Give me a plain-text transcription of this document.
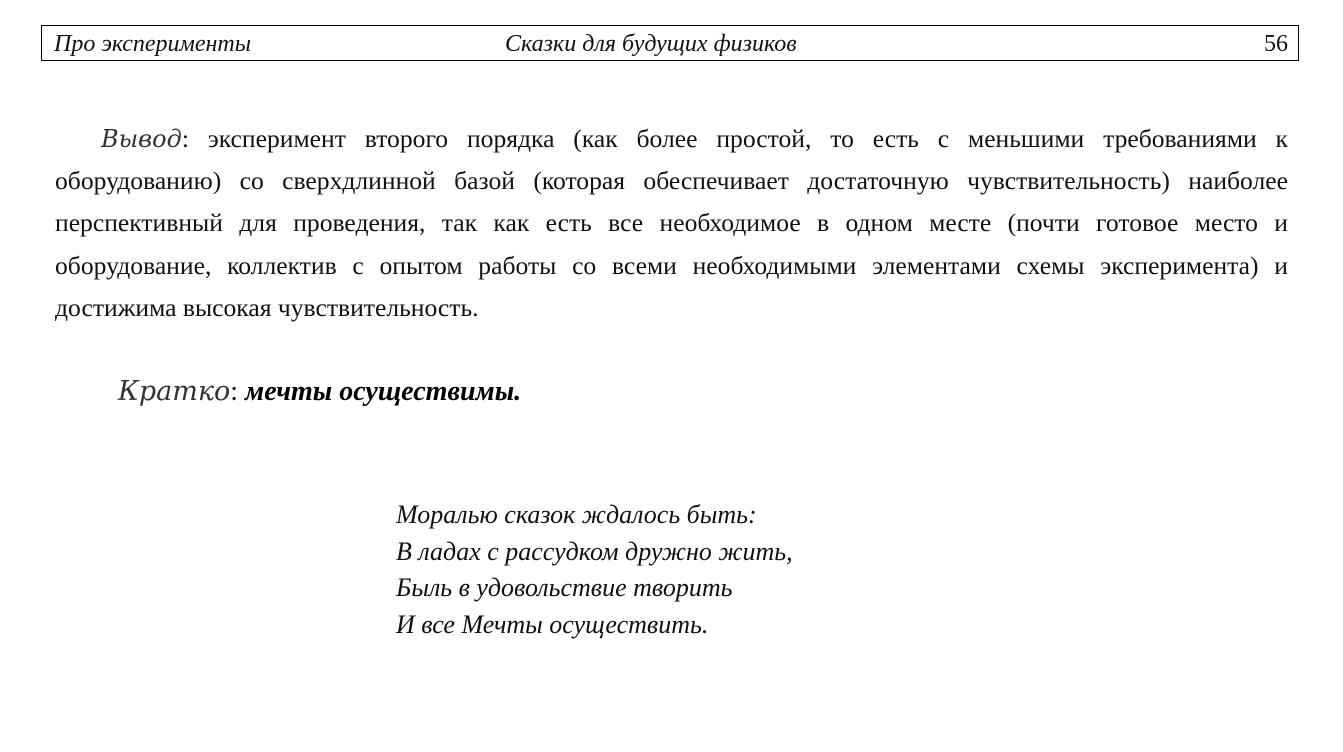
Про эксперименты	Сказки для будущих физиков	56
Вывод: эксперимент второго порядка (как более простой, то есть с меньшими требованиями к оборудованию) со сверхдлинной базой (которая обеспечивает достаточную чувствительность) наиболее перспективный для проведения, так как есть все необходимое в одном месте (почти готовое место и оборудование, коллектив с опытом работы со всеми необходимыми элементами схемы эксперимента) и достижима высокая чувствительность.
Кратко: мечты осуществимы.
Моралью сказок ждалось быть:
В ладах с рассудком дружно жить,
Быль в удовольствие творить
И все Мечты осуществить.
